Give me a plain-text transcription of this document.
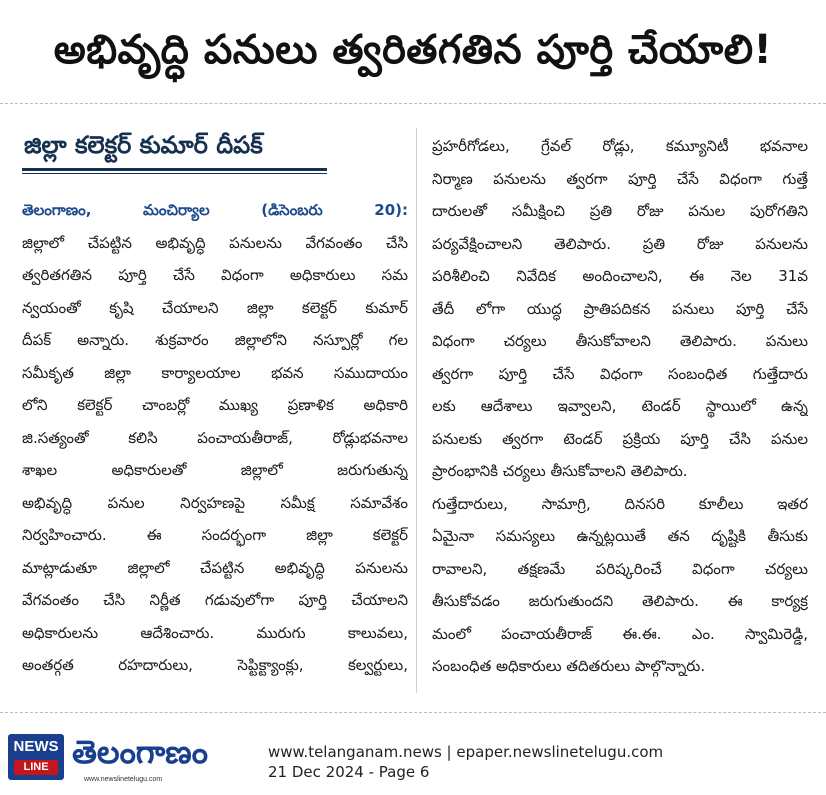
అభివృద్ధి పనులు త్వరితగతిన పూర్తి చేయాలి!
జిల్లా కలెక్టర్ కుమార్ దీపక్
తెలంగాణం, మంచిర్యాల (డిసెంబరు 20):
జిల్లాలో చేపట్టిన అభివృద్ధి పనులను వేగవంతం చేసి
త్వరితగతిన పూర్తి చేసే విధంగా అధికారులు సమ
న్వయంతో కృషి చేయాలని జిల్లా కలెక్టర్ కుమార్
దీపక్ అన్నారు. శుక్రవారం జిల్లాలోని నస్పూర్లో గల
సమీకృత జిల్లా కార్యాలయాల భవన సముదాయం
లోని కలెక్టర్ చాంబర్లో ముఖ్య ప్రణాళిక అధికారి
జి.సత్యంతో కలిసి పంచాయతీరాజ్, రోడ్లుభవనాల
శాఖల అధికారులతో జిల్లాలో జరుగుతున్న
అభివృద్ధి పనుల నిర్వహణపై సమీక్ష సమావేశం
నిర్వహించారు. ఈ సందర్భంగా జిల్లా కలెక్టర్
మాట్లాడుతూ జిల్లాలో చేపట్టిన అభివృద్ధి పనులను
వేగవంతం చేసి నిర్ణీత గడువులోగా పూర్తి చేయాలని
అధికారులను ఆదేశించారు. మురుగు కాలువలు,
అంతర్గత రహదారులు, సెప్టిక్ట్యాంక్లు, కల్వర్టులు,
ప్రహరీగోడలు, గ్రేవల్ రోడ్లు, కమ్యూనిటీ భవనాల
నిర్మాణ పనులను త్వరగా పూర్తి చేసే విధంగా గుత్తే
దారులతో సమీక్షించి ప్రతి రోజు పనుల పురోగతిని
పర్యవేక్షించాలని తెలిపారు. ప్రతి రోజు పనులను
పరిశీలించి నివేదిక అందించాలని, ఈ నెల 31వ
తేదీ లోగా యుద్ధ ప్రాతిపదికన పనులు పూర్తి చేసే
విధంగా చర్యలు తీసుకోవాలని తెలిపారు. పనులు
త్వరగా పూర్తి చేసే విధంగా సంబంధిత గుత్తేదారు
లకు ఆదేశాలు ఇవ్వాలని, టెండర్ స్థాయిలో ఉన్న
పనులకు త్వరగా టెండర్ ప్రక్రియ పూర్తి చేసి పనుల
ప్రారంభానికి చర్యలు తీసుకోవాలని తెలిపారు.
గుత్తేదారులు, సామాగ్రి, దినసరి కూలీలు ఇతర
ఏమైనా సమస్యలు ఉన్నట్లయితే తన దృష్టికి తీసుకు
రావాలని, తక్షణమే పరిష్కరించే విధంగా చర్యలు
తీసుకోవడం జరుగుతుందని తెలిపారు. ఈ కార్యక్ర
మంలో పంచాయతీరాజ్ ఈ.ఈ. ఎం. స్వామిరెడ్డి,
సంబంధిత అధికారులు తదితరులు పాల్గొన్నారు.
NEWS
LINE తెలంగాణం
www.newslinetelugu.com
www.telanganam.news | epaper.newslinetelugu.com
21 Dec 2024 - Page 6
